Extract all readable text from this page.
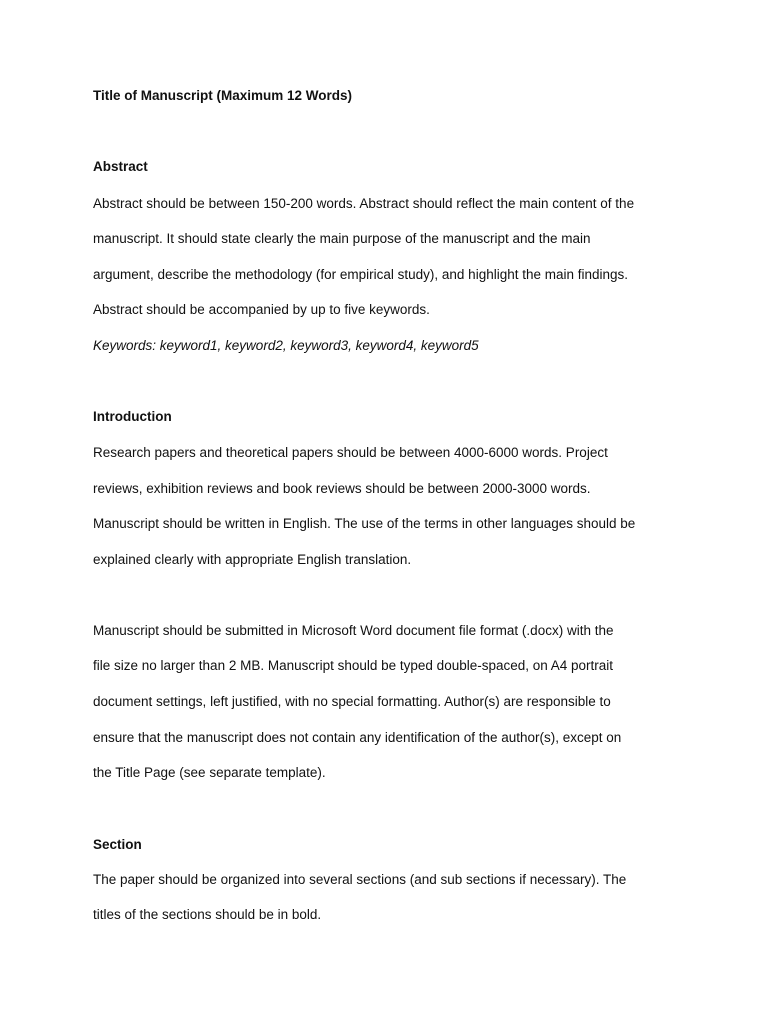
Title of Manuscript (Maximum 12 Words)
Abstract
Abstract should be between 150-200 words. Abstract should reflect the main content of the
manuscript. It should state clearly the main purpose of the manuscript and the main
argument, describe the methodology (for empirical study), and highlight the main findings.
Abstract should be accompanied by up to five keywords.
Keywords: keyword1, keyword2, keyword3, keyword4, keyword5
Introduction
Research papers and theoretical papers should be between 4000-6000 words. Project
reviews, exhibition reviews and book reviews should be between 2000-3000 words.
Manuscript should be written in English. The use of the terms in other languages should be
explained clearly with appropriate English translation.
Manuscript should be submitted in Microsoft Word document file format (.docx) with the
file size no larger than 2 MB. Manuscript should be typed double-spaced, on A4 portrait
document settings, left justified, with no special formatting. Author(s) are responsible to
ensure that the manuscript does not contain any identification of the author(s), except on
the Title Page (see separate template).
Section
The paper should be organized into several sections (and sub sections if necessary). The
titles of the sections should be in bold.
